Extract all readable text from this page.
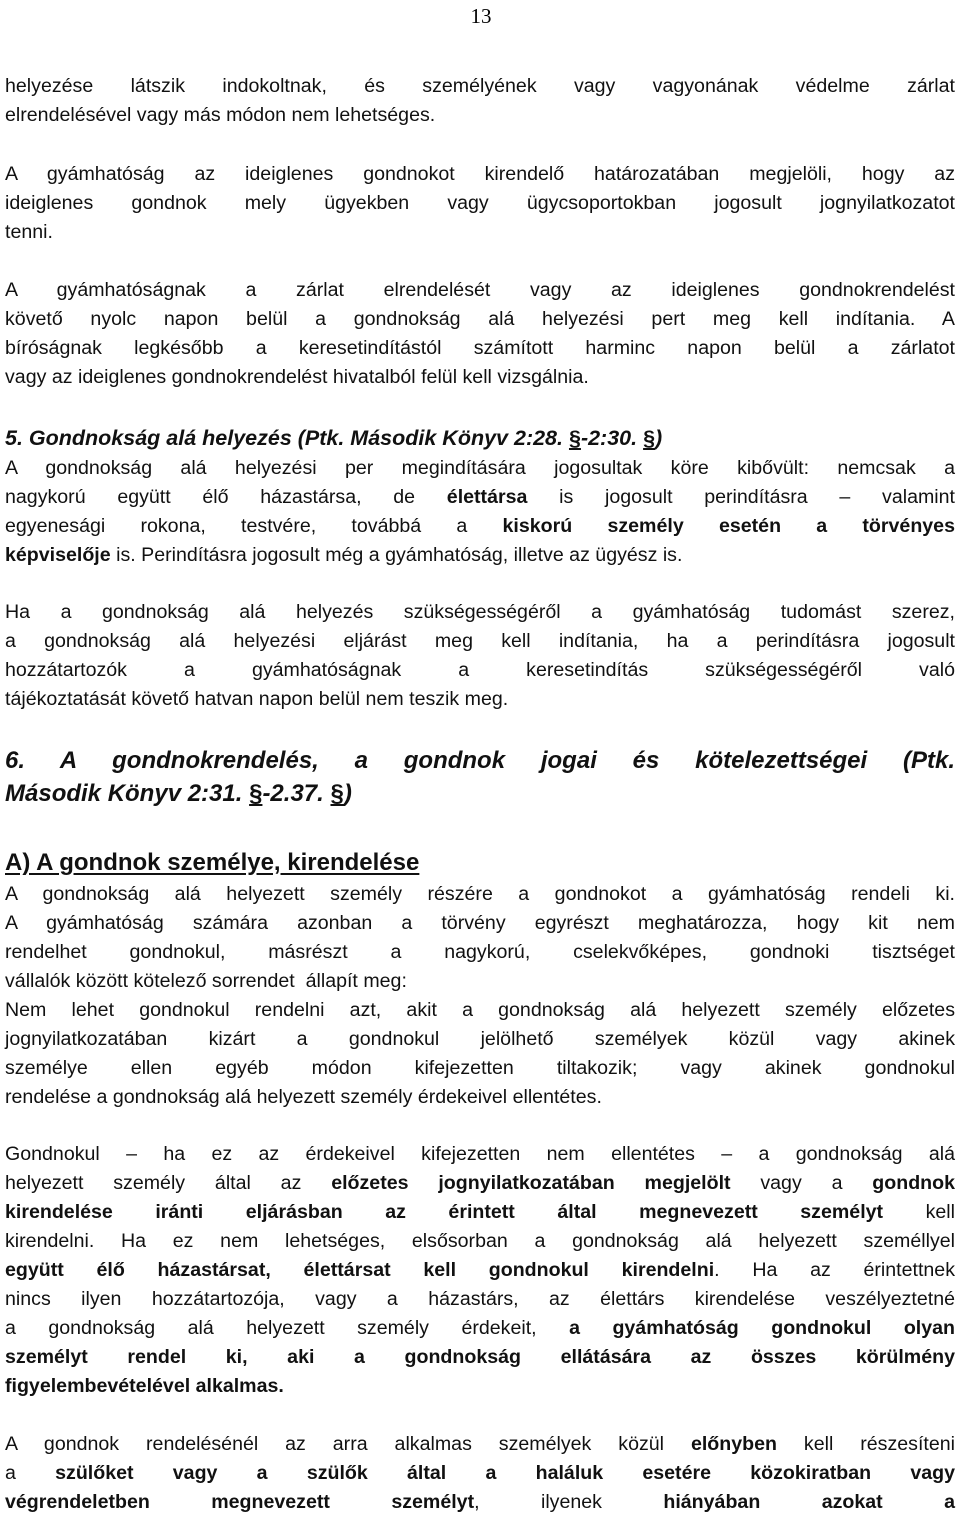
13

helyezése látszik indokoltnak, és személyének vagy vagyonának védelme zárlat
elrendelésével vagy más módon nem lehetséges.

A gyámhatóság az ideiglenes gondnokot kirendelő határozatában megjelöli, hogy az
ideiglenes gondnok mely ügyekben vagy ügycsoportokban jogosult jognyilatkozatot
tenni.

A gyámhatóságnak a zárlat elrendelését vagy az ideiglenes gondnokrendelést
követő nyolc napon belül a gondnokság alá helyezési pert meg kell indítania. A
bíróságnak legkésőbb a keresetindítástól számított harminc napon belül a zárlatot
vagy az ideiglenes gondnokrendelést hivatalból felül kell vizsgálnia.

5. Gondnokság alá helyezés (Ptk. Második Könyv 2:28. §-2:30. §)

A gondnokság alá helyezési per megindítására jogosultak köre kibővült: nemcsak a
nagykorú együtt élő házastársa, de élettársa is jogosult perindításra – valamint
egyenesági rokona, testvére, továbbá a kiskorú személy esetén a törvényes
képviselője is. Perindításra jogosult még a gyámhatóság, illetve az ügyész is.

Ha a gondnokság alá helyezés szükségességéről a gyámhatóság tudomást szerez,
a gondnokság alá helyezési eljárást meg kell indítania, ha a perindításra jogosult
hozzátartozók a gyámhatóságnak a keresetindítás szükségességéről való
tájékoztatását követő hatvan napon belül nem teszik meg.

6. A gondnokrendelés, a gondnok jogai és kötelezettségei (Ptk.
Második Könyv 2:31. §-2.37. §)
A) A gondnok személye, kirendelése

A gondnokság alá helyezett személy részére a gondnokot a gyámhatóság rendeli ki.
A gyámhatóság számára azonban a törvény egyrészt meghatározza, hogy kit nem
rendelhet gondnokul, másrészt a nagykorú, cselekvőképes, gondnoki tisztséget
vállalók között kötelező sorrendet  állapít meg:
Nem lehet gondnokul rendelni azt, akit a gondnokság alá helyezett személy előzetes
jognyilatkozatában kizárt a gondnokul jelölhető személyek közül vagy akinek
személye ellen egyéb módon kifejezetten tiltakozik; vagy akinek gondnokul
rendelése a gondnokság alá helyezett személy érdekeivel ellentétes.

Gondnokul – ha ez az érdekeivel kifejezetten nem ellentétes – a gondnokság alá
helyezett személy által az előzetes jognyilatkozatában megjelölt vagy a gondnok
kirendelése iránti eljárásban az érintett által megnevezett személyt kell
kirendelni. Ha ez nem lehetséges, elsősorban a gondnokság alá helyezett személlyel
együtt élő házastársat, élettársat kell gondnokul kirendelni. Ha az érintettnek
nincs ilyen hozzátartozója, vagy a házastárs, az élettárs kirendelése veszélyeztetné
a gondnokság alá helyezett személy érdekeit, a gyámhatóság gondnokul olyan
személyt rendel ki, aki a gondnokság ellátására az összes körülmény
figyelembevételével alkalmas.

A gondnok rendelésénél az arra alkalmas személyek közül előnyben kell részesíteni
a szülőket vagy a szülők által a haláluk esetére közokiratban vagy
végrendeletben megnevezett személyt, ilyenek hiányában azokat a
